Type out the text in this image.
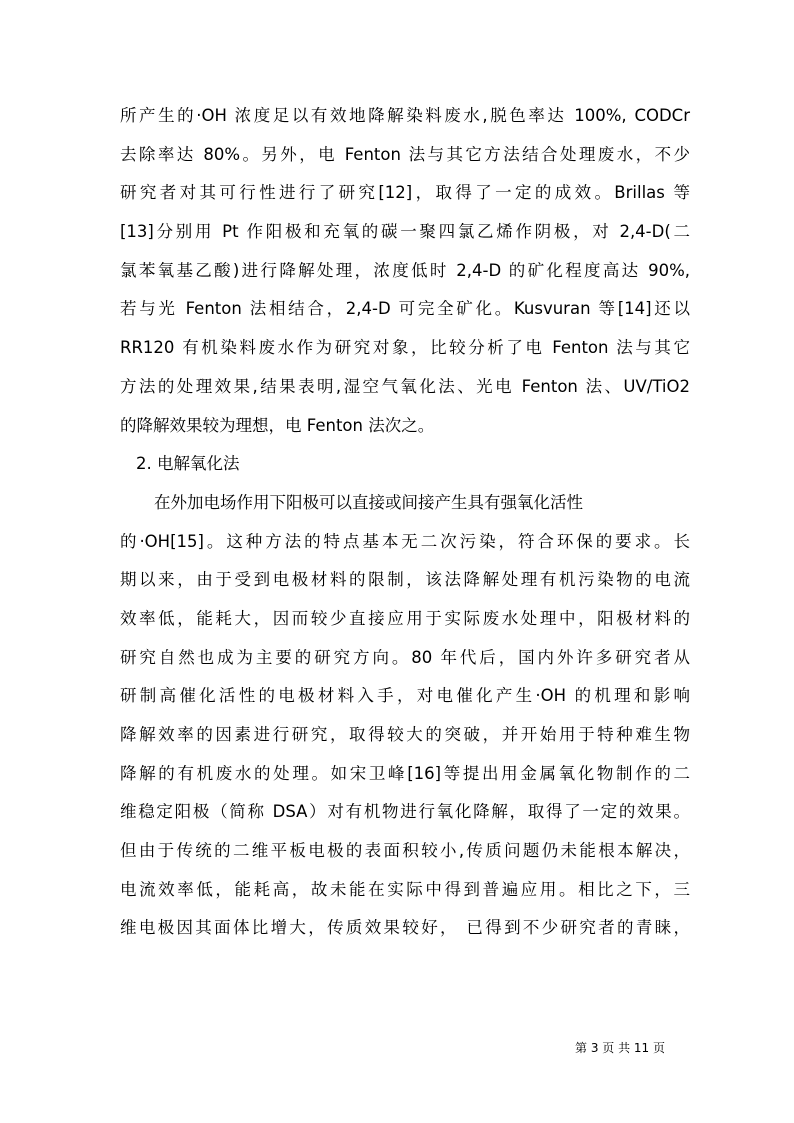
所产生的·OH 浓度足以有效地降解染料废水,脱色率达 100%, CODCr
去除率达 80%。另外，电 Fenton 法与其它方法结合处理废水，不少
研究者对其可行性进行了研究[12]，取得了一定的成效。Brillas 等
[13]分别用 Pt 作阳极和充氧的碳一聚四氯乙烯作阴极，对 2,4-D(二
氯苯氧基乙酸)进行降解处理，浓度低时 2,4-D 的矿化程度高达 90%,
若与光 Fenton 法相结合，2,4-D 可完全矿化。Kusvuran 等[14]还以
RR120 有机染料废水作为研究对象，比较分析了电 Fenton 法与其它
方法的处理效果,结果表明,湿空气氧化法、光电 Fenton 法、UV/TiO2
的降解效果较为理想，电 Fenton 法次之。
2. 电解氧化法
在外加电场作用下阳极可以直接或间接产生具有强氧化活性
的·OH[15]。这种方法的特点基本无二次污染，符合环保的要求。长
期以来，由于受到电极材料的限制，该法降解处理有机污染物的电流
效率低，能耗大，因而较少直接应用于实际废水处理中，阳极材料的
研究自然也成为主要的研究方向。80 年代后，国内外许多研究者从
研制高催化活性的电极材料入手，对电催化产生·OH 的机理和影响
降解效率的因素进行研究，取得较大的突破，并开始用于特种难生物
降解的有机废水的处理。如宋卫峰[16]等提出用金属氧化物制作的二
维稳定阳极（简称 DSA）对有机物进行氧化降解，取得了一定的效果。
但由于传统的二维平板电极的表面积较小,传质问题仍未能根本解决，
电流效率低，能耗高，故未能在实际中得到普遍应用。相比之下，三
维电极因其面体比增大，传质效果较好， 已得到不少研究者的青睐，
第 3 页 共 11 页
